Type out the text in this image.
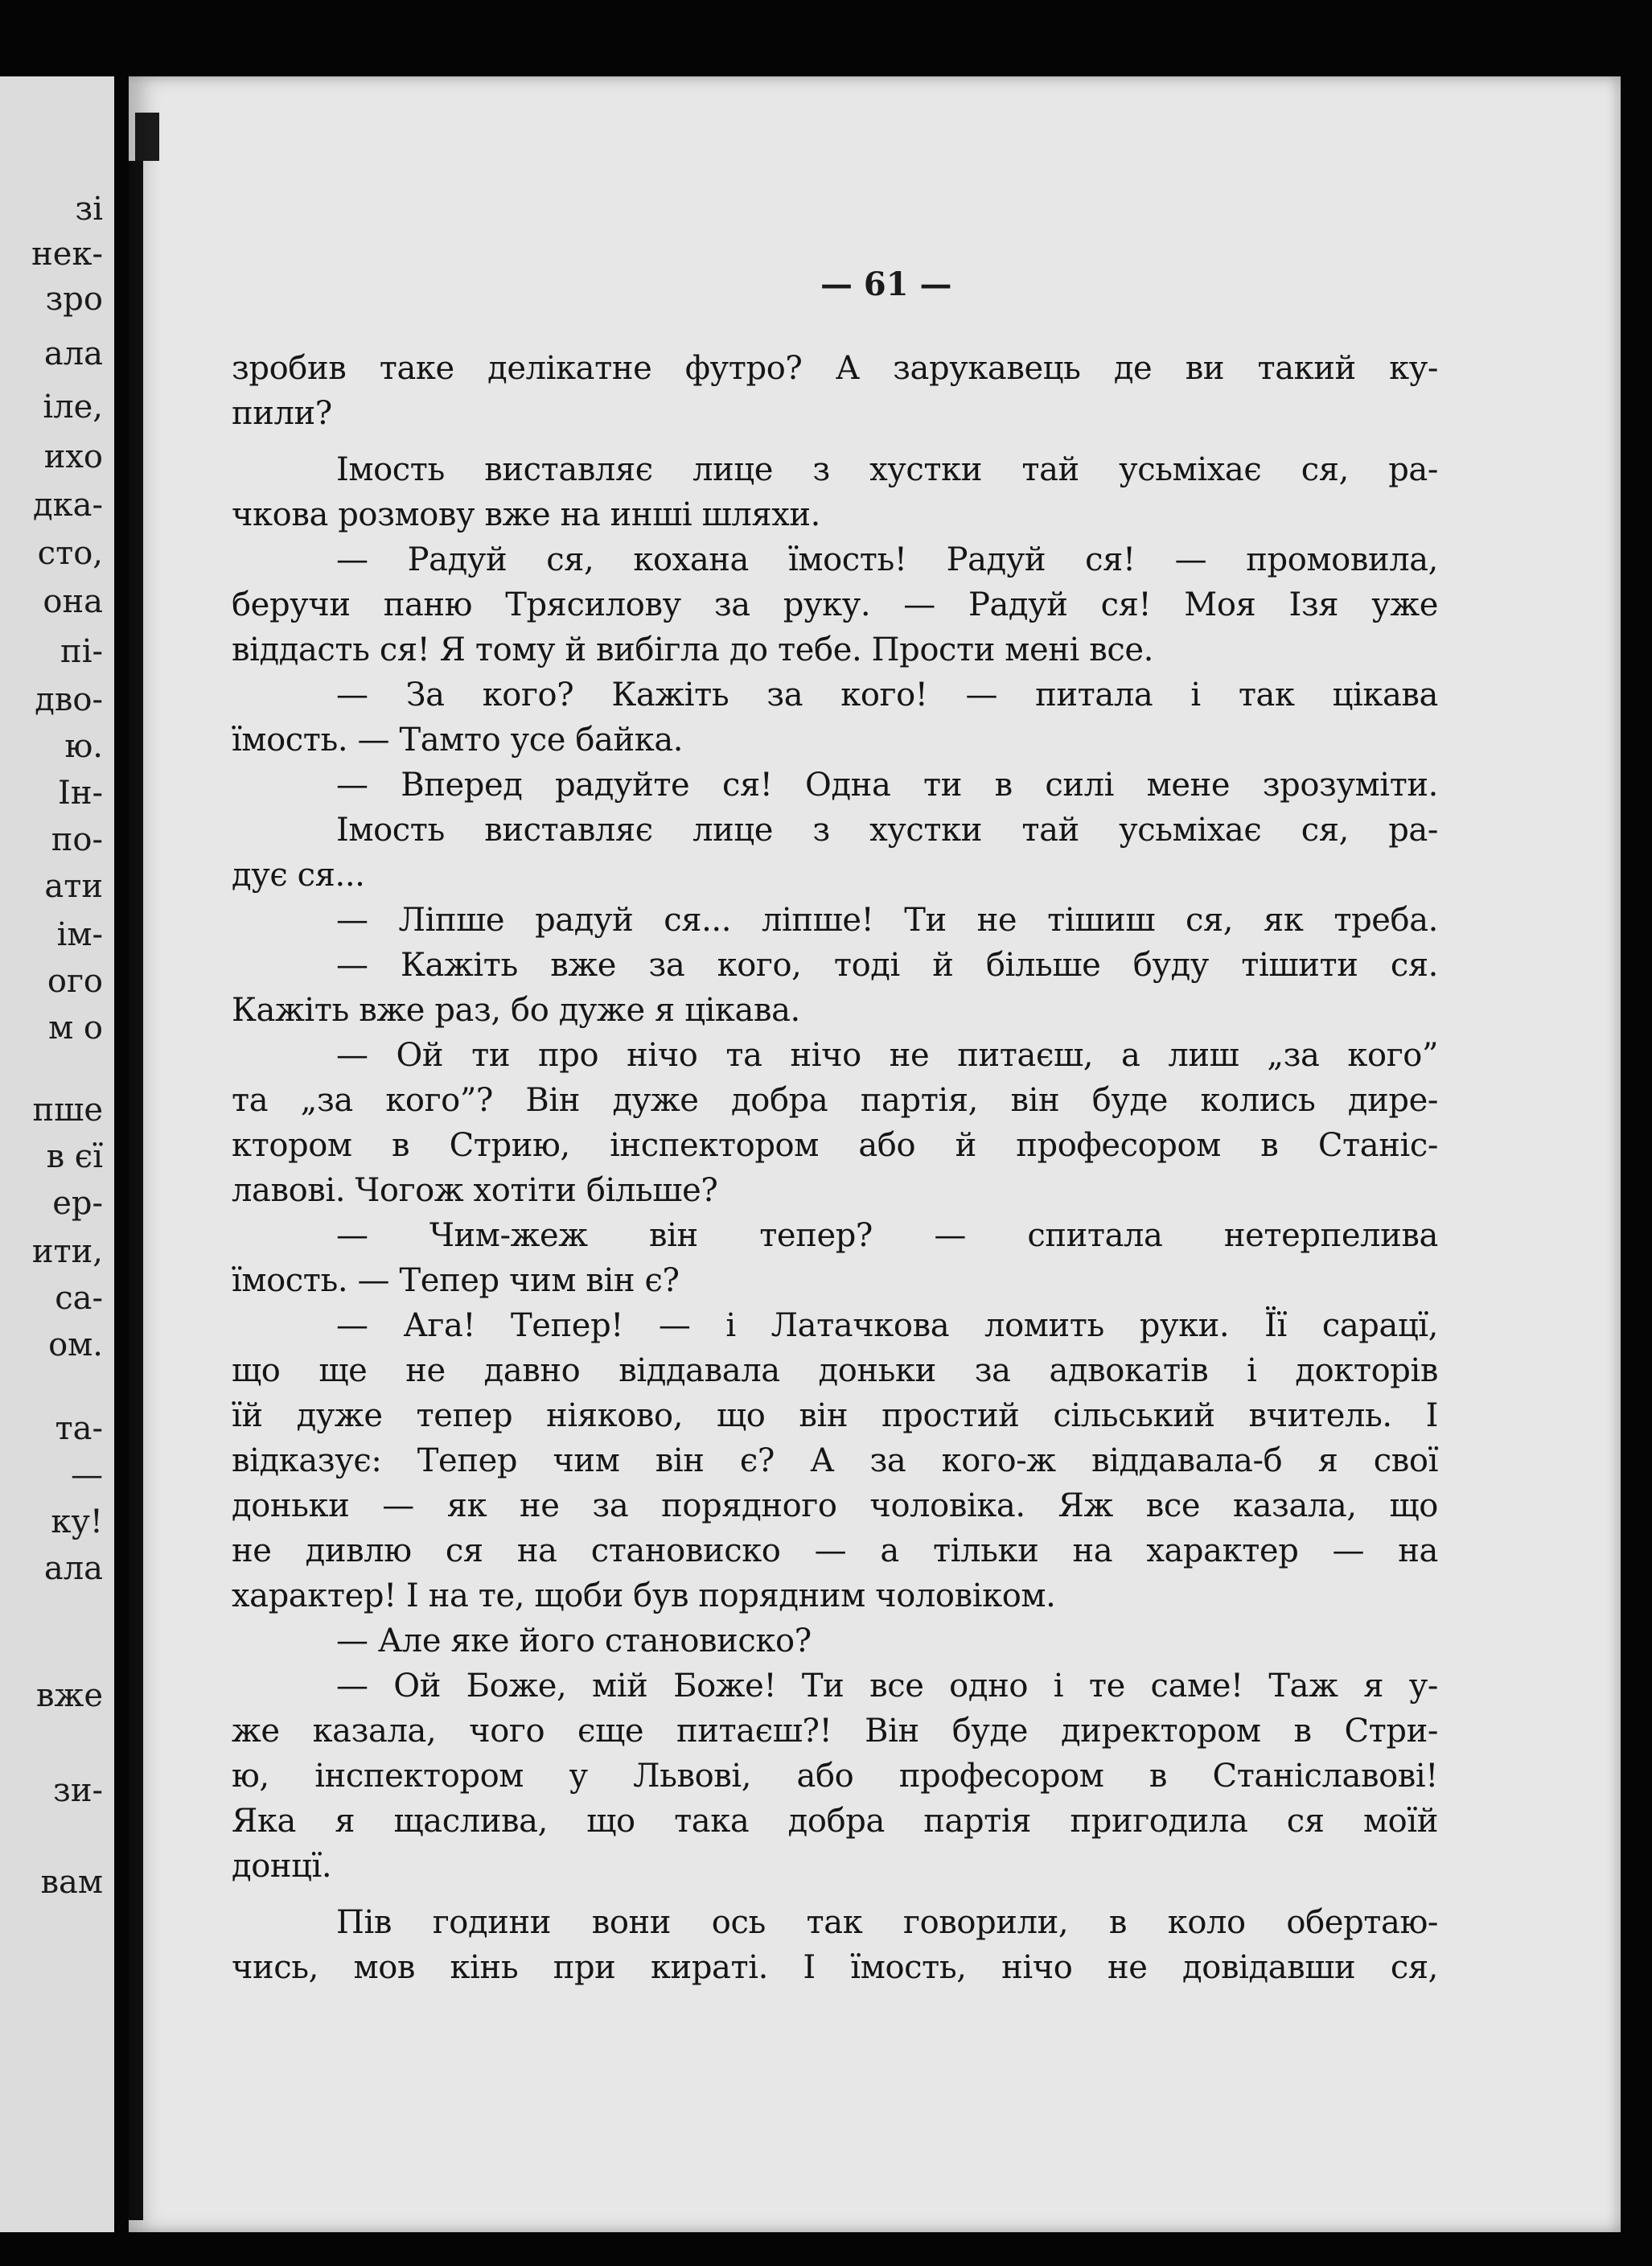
зі
нек-
зро
ала
іле,
ихо
дка-
сто,
она
пі-
дво-
ю.
Ін-
по-
ати
ім-
ого
м о
пше
в єї
ер-
ити,
са-
ом.
та-
—
ку!
ала
вже
зи-
вам
— 61 —
зробив таке делікатне футро? А зарукавець де ви такий ку-
пили?
Імость виставляє лице з хустки тай усьміхає ся, ра-
чкова розмову вже на инші шляхи.
— Радуй ся, кохана їмость! Радуй ся! — промовила,
беручи паню Трясилову за руку. — Радуй ся! Моя Ізя уже
віддасть ся! Я тому й вибігла до тебе. Прости мені все.
— За кого? Кажіть за кого! — питала і так цікава
їмость. — Тамто усе байка.
— Вперед радуйте ся! Одна ти в силі мене зрозуміти.
Імость виставляє лице з хустки тай усьміхає ся, ра-
дує ся...
— Ліпше радуй ся... ліпше! Ти не тішиш ся, як треба.
— Кажіть вже за кого, тоді й більше буду тішити ся.
Кажіть вже раз, бо дуже я цікава.
— Ой ти про нічо та нічо не питаєш, а лиш „за кого”
та „за кого”? Він дуже добра партія, він буде колись дире-
ктором в Стрию, інспектором або й професором в Станіс-
лавові. Чогож хотіти більше?
— Чим-жеж він тепер? — спитала нетерпелива
їмость. — Тепер чим він є?
— Ага! Тепер! — і Латачкова ломить руки. Її сарацї,
що ще не давно віддавала доньки за адвокатів і докторів
їй дуже тепер ніяково, що він простий сільський вчитель. І
відказує: Тепер чим він є? А за кого-ж віддавала-б я свої
доньки — як не за порядного чоловіка. Яж все казала, що
не дивлю ся на становиско — а тільки на характер — на
характер! І на те, щоби був порядним чоловіком.
— Але яке його становиско?
— Ой Боже, мій Боже! Ти все одно і те саме! Таж я у-
же казала, чого єще питаєш?! Він буде директором в Стри-
ю, інспектором у Львові, або професором в Станіславові!
Яка я щаслива, що така добра партія пригодила ся моїй
донцї.
Пів години вони ось так говорили, в коло обертаю-
чись, мов кінь при кираті. І їмость, нічо не довідавши ся,
